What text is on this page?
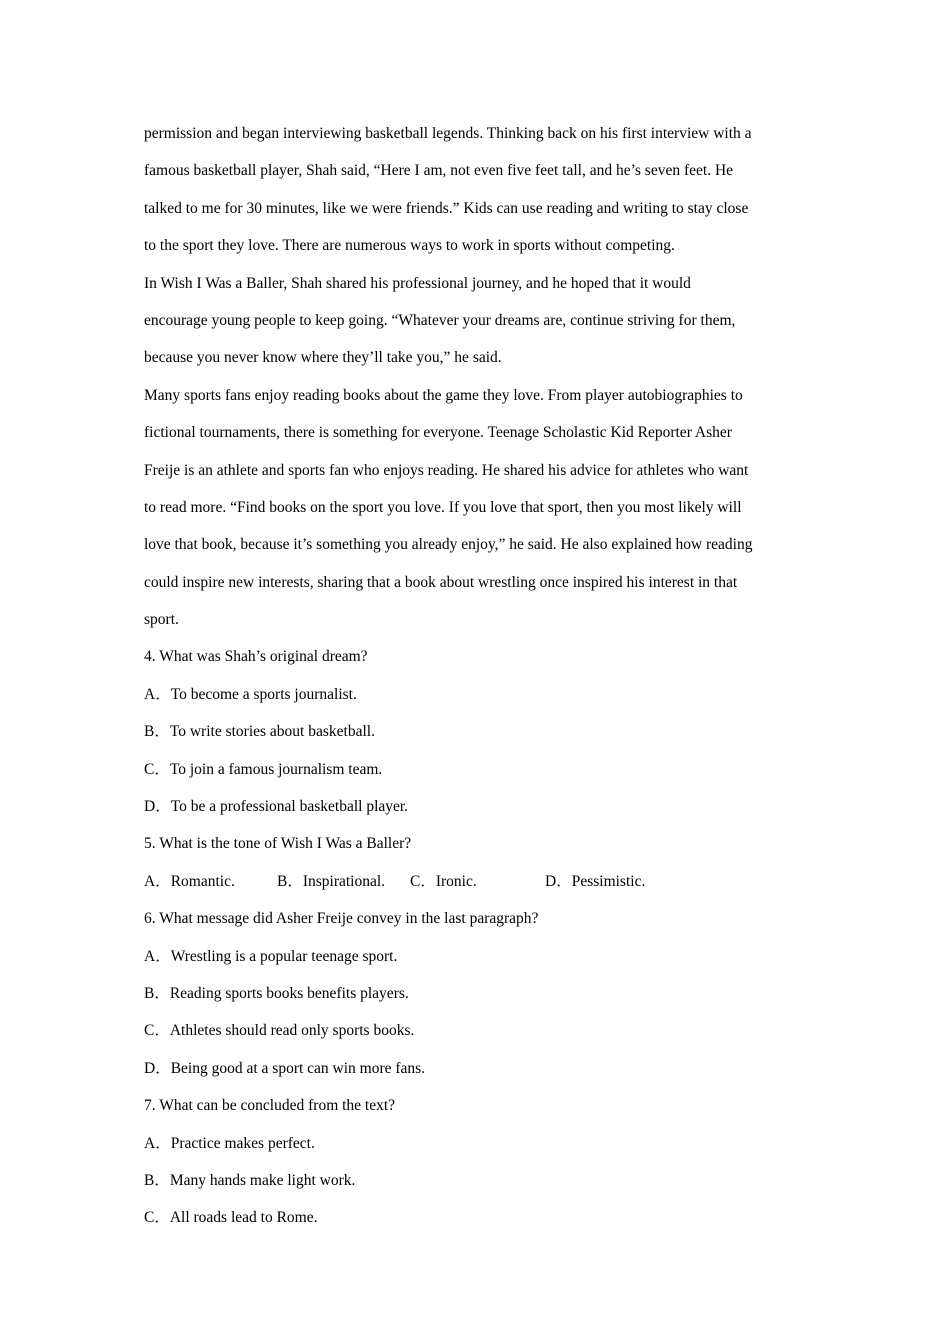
permission and began interviewing basketball legends. Thinking back on his first interview with a
famous basketball player, Shah said, “Here I am, not even five feet tall, and he’s seven feet. He
talked to me for 30 minutes, like we were friends.” Kids can use reading and writing to stay close
to the sport they love. There are numerous ways to work in sports without competing.
In Wish I Was a Baller, Shah shared his professional journey, and he hoped that it would
encourage young people to keep going. “Whatever your dreams are, continue striving for them,
because you never know where they’ll take you,” he said.
Many sports fans enjoy reading books about the game they love. From player autobiographies to
fictional tournaments, there is something for everyone. Teenage Scholastic Kid Reporter Asher
Freije is an athlete and sports fan who enjoys reading. He shared his advice for athletes who want
to read more. “Find books on the sport you love. If you love that sport, then you most likely will
love that book, because it’s something you already enjoy,” he said. He also explained how reading
could inspire new interests, sharing that a book about wrestling once inspired his interest in that
sport.
4. What was Shah’s original dream?
A．To become a sports journalist.
B．To write stories about basketball.
C．To join a famous journalism team.
D．To be a professional basketball player.
5. What is the tone of Wish I Was a Baller?
A．Romantic.	B．Inspirational. C．Ironic.	D．Pessimistic.
6. What message did Asher Freije convey in the last paragraph?
A．Wrestling is a popular teenage sport.
B．Reading sports books benefits players.
C．Athletes should read only sports books.
D．Being good at a sport can win more fans.
7. What can be concluded from the text?
A．Practice makes perfect.
B．Many hands make light work.
C．All roads lead to Rome.
